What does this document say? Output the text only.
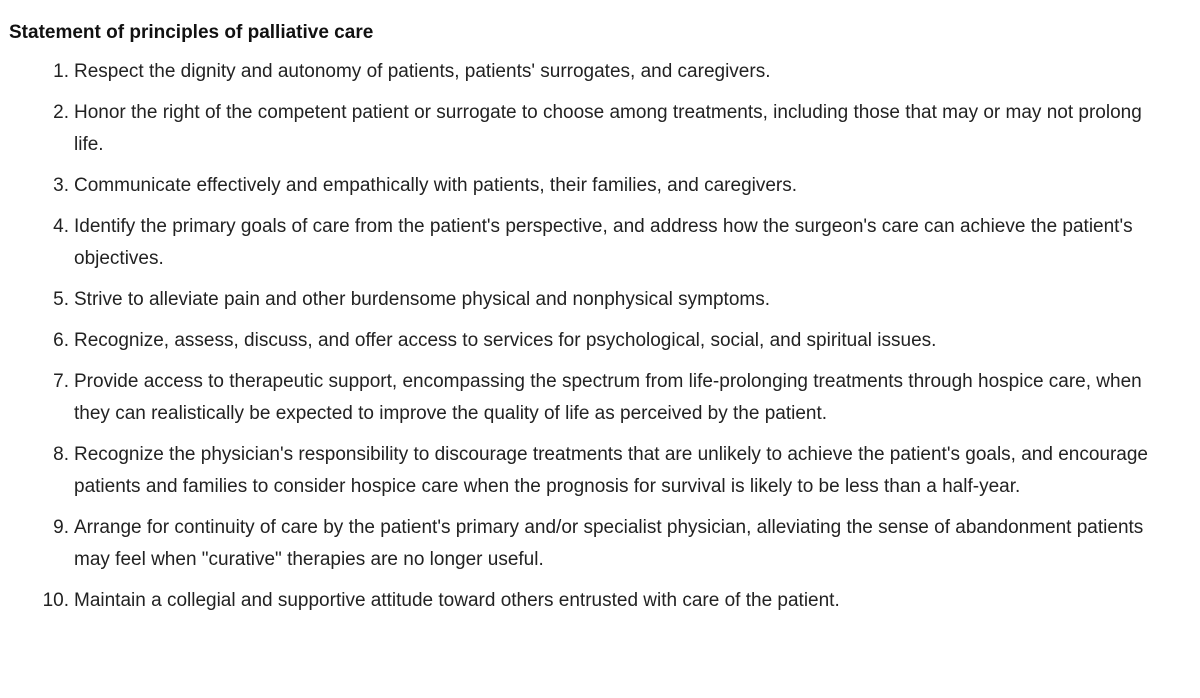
Statement of principles of palliative care
1. Respect the dignity and autonomy of patients, patients' surrogates, and caregivers.
2. Honor the right of the competent patient or surrogate to choose among treatments, including those that may or may not prolong life.
3. Communicate effectively and empathically with patients, their families, and caregivers.
4. Identify the primary goals of care from the patient's perspective, and address how the surgeon's care can achieve the patient's objectives.
5. Strive to alleviate pain and other burdensome physical and nonphysical symptoms.
6. Recognize, assess, discuss, and offer access to services for psychological, social, and spiritual issues.
7. Provide access to therapeutic support, encompassing the spectrum from life-prolonging treatments through hospice care, when they can realistically be expected to improve the quality of life as perceived by the patient.
8. Recognize the physician's responsibility to discourage treatments that are unlikely to achieve the patient's goals, and encourage patients and families to consider hospice care when the prognosis for survival is likely to be less than a half-year.
9. Arrange for continuity of care by the patient's primary and/or specialist physician, alleviating the sense of abandonment patients may feel when "curative" therapies are no longer useful.
10. Maintain a collegial and supportive attitude toward others entrusted with care of the patient.
